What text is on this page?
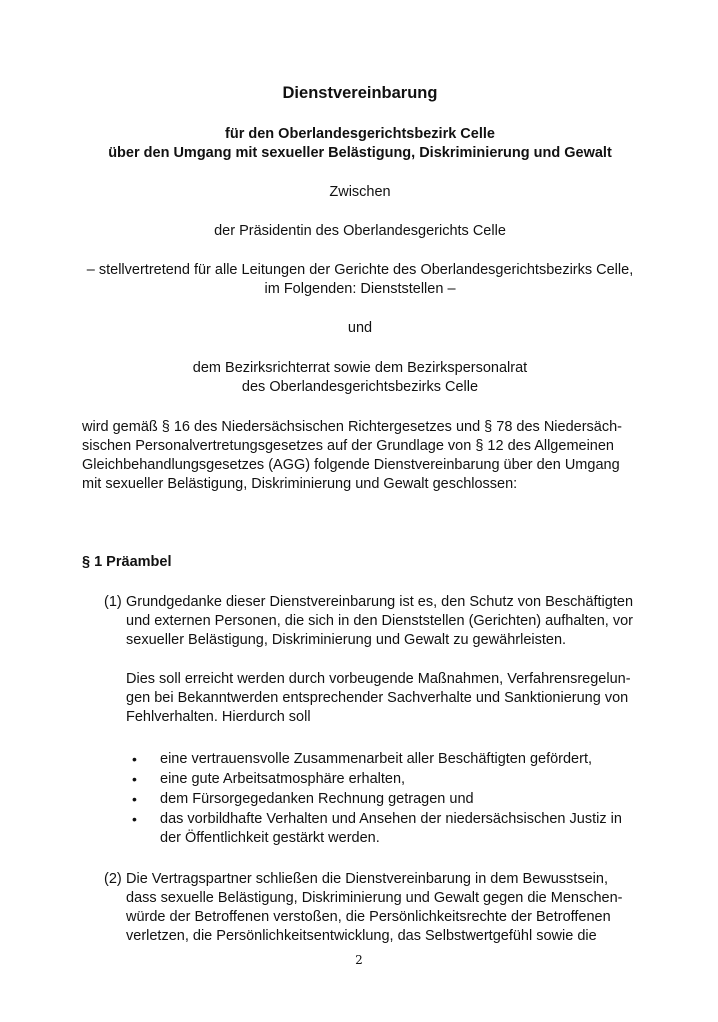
Dienstvereinbarung
für den Oberlandesgerichtsbezirk Celle
über den Umgang mit sexueller Belästigung, Diskriminierung und Gewalt
Zwischen
der Präsidentin des Oberlandesgerichts Celle
– stellvertretend für alle Leitungen der Gerichte des Oberlandesgerichtsbezirks Celle,
im Folgenden: Dienststellen –
und
dem Bezirksrichterrat sowie dem Bezirkspersonalrat
des Oberlandesgerichtsbezirks Celle
wird gemäß § 16 des Niedersächsischen Richtergesetzes und § 78 des Niedersäch-
sischen Personalvertretungsgesetzes auf der Grundlage von § 12 des Allgemeinen
Gleichbehandlungsgesetzes (AGG) folgende Dienstvereinbarung über den Umgang
mit sexueller Belästigung, Diskriminierung und Gewalt geschlossen:
§ 1 Präambel
(1) Grundgedanke dieser Dienstvereinbarung ist es, den Schutz von Beschäftigten
und externen Personen, die sich in den Dienststellen (Gerichten) aufhalten, vor
sexueller Belästigung, Diskriminierung und Gewalt zu gewährleisten.
Dies soll erreicht werden durch vorbeugende Maßnahmen, Verfahrensregelun-
gen bei Bekanntwerden entsprechender Sachverhalte und Sanktionierung von
Fehlverhalten. Hierdurch soll
• eine vertrauensvolle Zusammenarbeit aller Beschäftigten gefördert,
• eine gute Arbeitsatmosphäre erhalten,
• dem Fürsorgegedanken Rechnung getragen und
• das vorbildhafte Verhalten und Ansehen der niedersächsischen Justiz in
der Öffentlichkeit gestärkt werden.
(2) Die Vertragspartner schließen die Dienstvereinbarung in dem Bewusstsein,
dass sexuelle Belästigung, Diskriminierung und Gewalt gegen die Menschen-
würde der Betroffenen verstoßen, die Persönlichkeitsrechte der Betroffenen
verletzen, die Persönlichkeitsentwicklung, das Selbstwertgefühl sowie die
2
